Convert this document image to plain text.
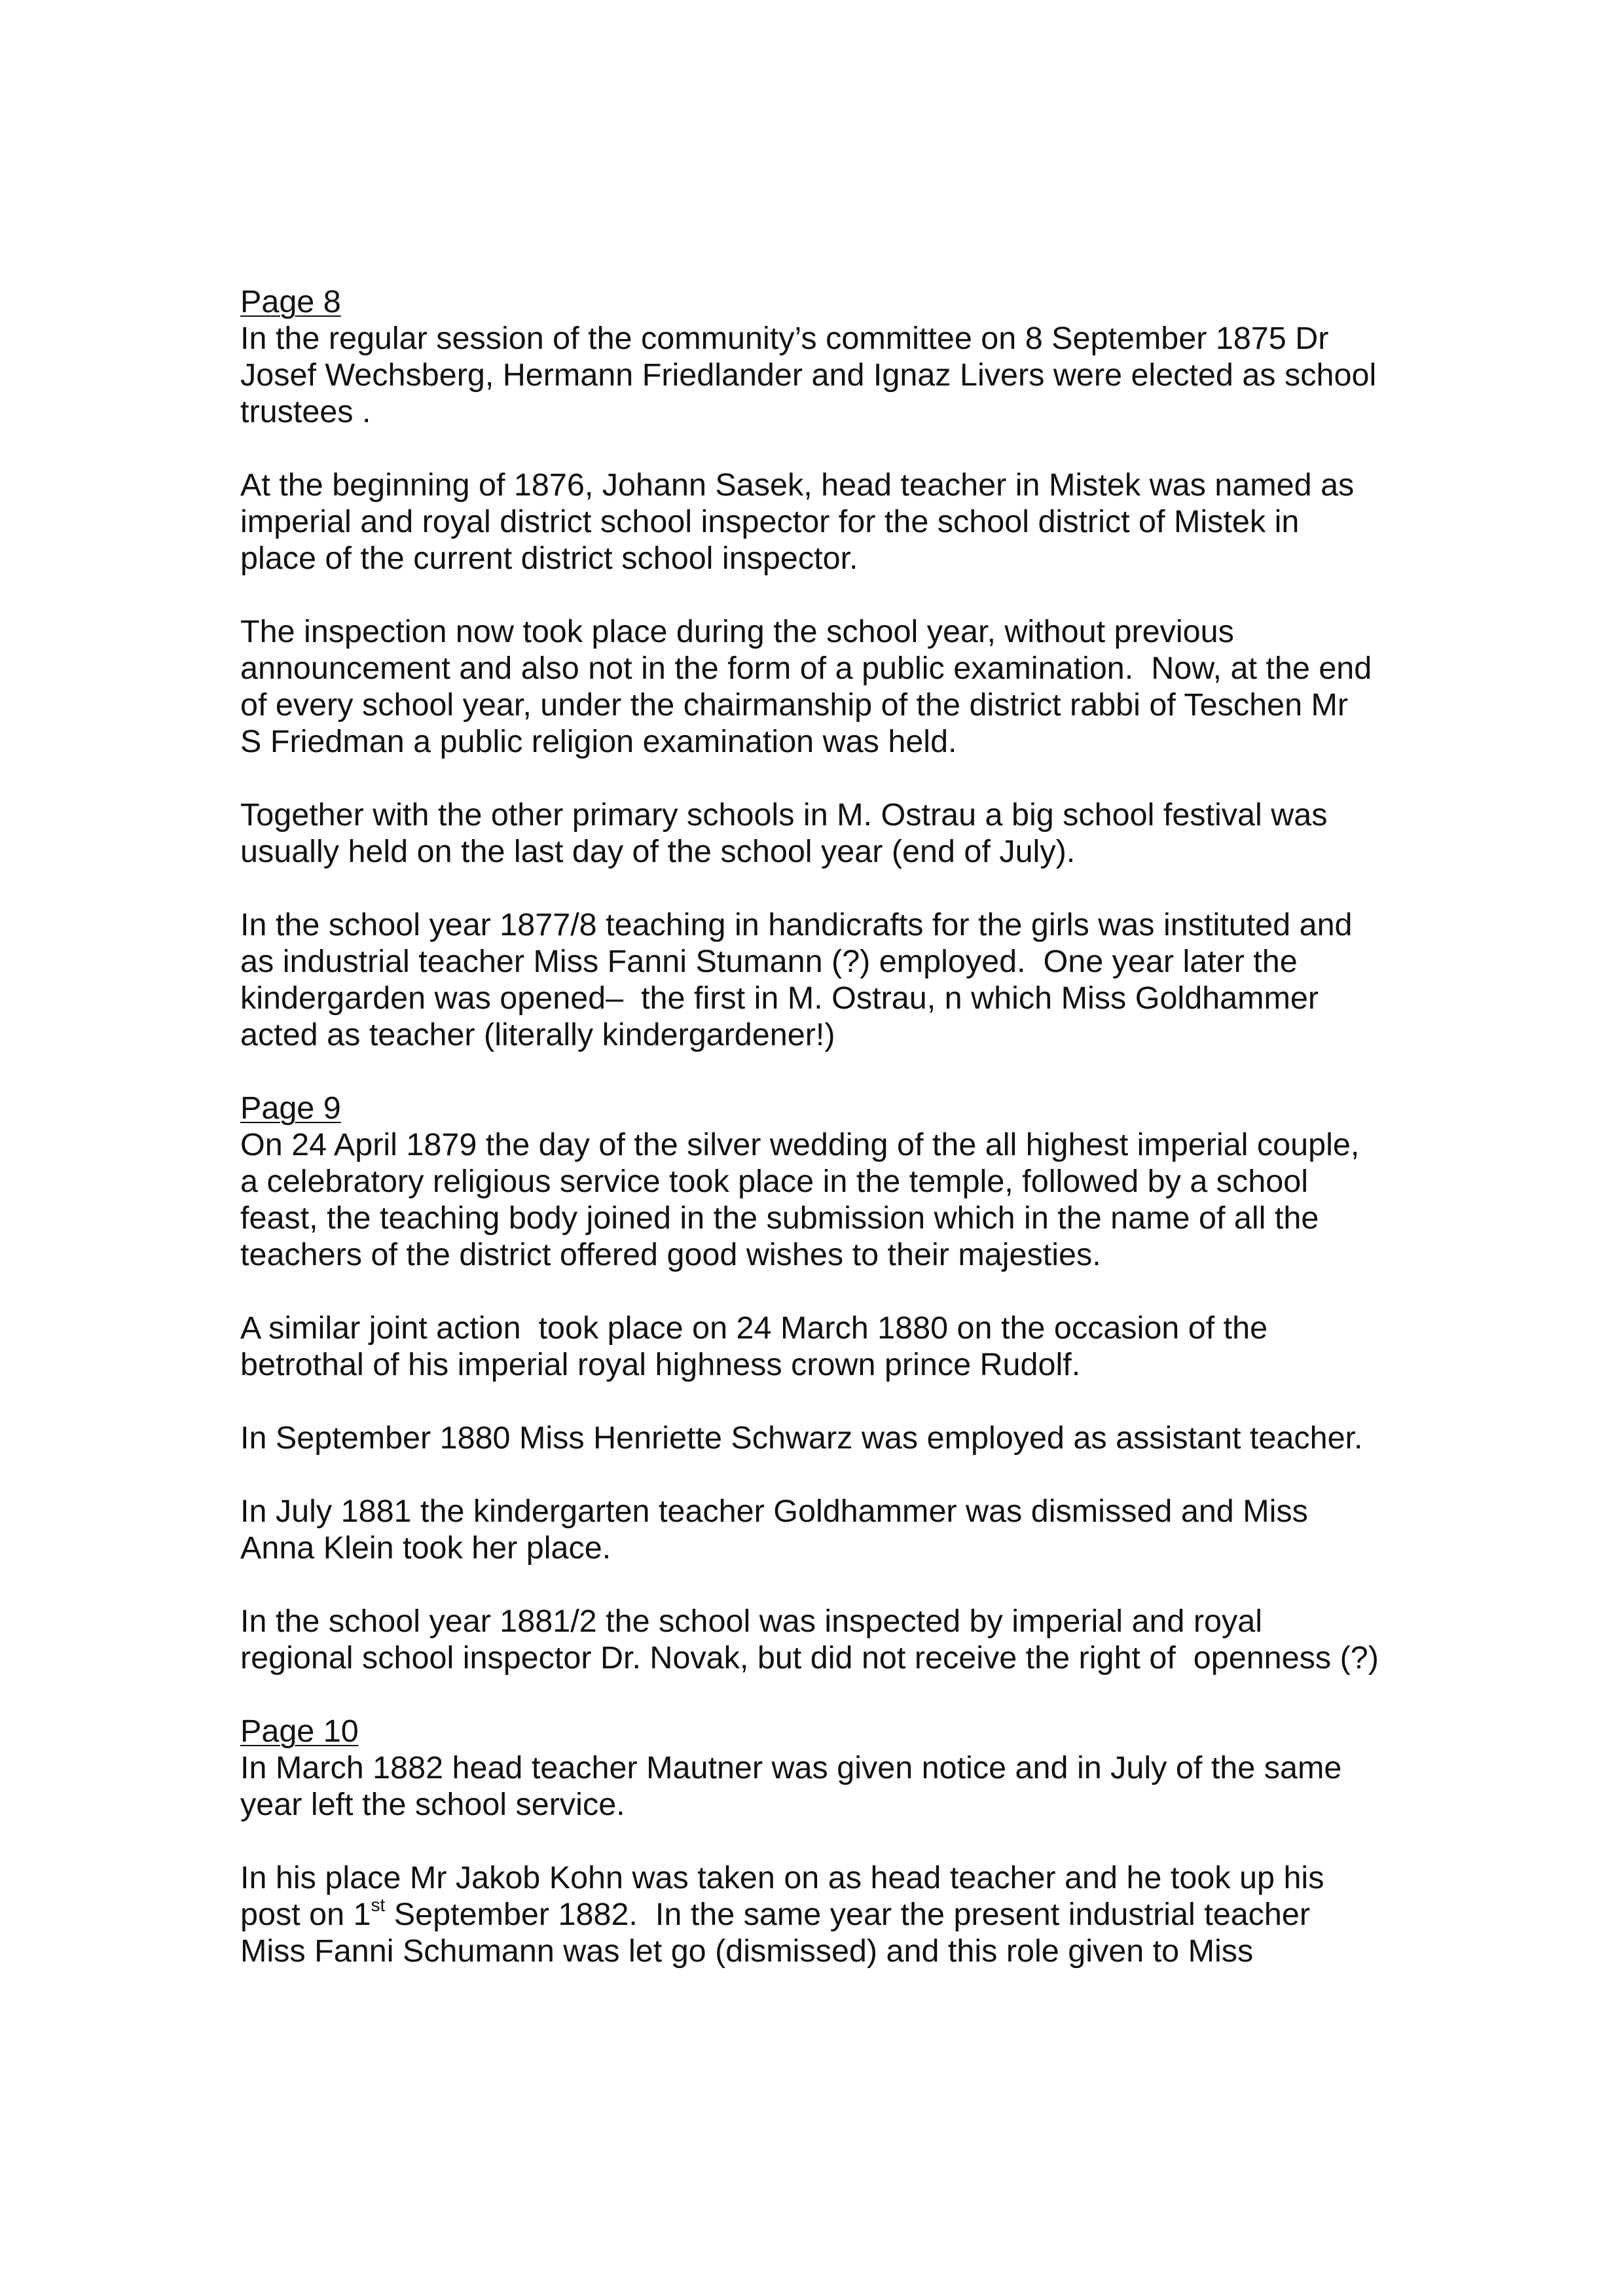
Page 8

In the regular session of the community’s committee on 8 September 1875 Dr
Josef Wechsberg, Hermann Friedlander and Ignaz Livers were elected as school
trustees .

At the beginning of 1876, Johann Sasek, head teacher in Mistek was named as
imperial and royal district school inspector for the school district of Mistek in
place of the current district school inspector.

The inspection now took place during the school year, without previous
announcement and also not in the form of a public examination.  Now, at the end
of every school year, under the chairmanship of the district rabbi of Teschen Mr
S Friedman a public religion examination was held.

Together with the other primary schools in M. Ostrau a big school festival was
usually held on the last day of the school year (end of July).

In the school year 1877/8 teaching in handicrafts for the girls was instituted and
as industrial teacher Miss Fanni Stumann (?) employed.  One year later the
kindergarden was opened–  the first in M. Ostrau, n which Miss Goldhammer
acted as teacher (literally kindergardener!)

Page 9

On 24 April 1879 the day of the silver wedding of the all highest imperial couple,
a celebratory religious service took place in the temple, followed by a school
feast, the teaching body joined in the submission which in the name of all the
teachers of the district offered good wishes to their majesties.

A similar joint action  took place on 24 March 1880 on the occasion of the
betrothal of his imperial royal highness crown prince Rudolf.

In September 1880 Miss Henriette Schwarz was employed as assistant teacher.

In July 1881 the kindergarten teacher Goldhammer was dismissed and Miss
Anna Klein took her place.

In the school year 1881/2 the school was inspected by imperial and royal
regional school inspector Dr. Novak, but did not receive the right of  openness (?)

Page 10

In March 1882 head teacher Mautner was given notice and in July of the same
year left the school service.

In his place Mr Jakob Kohn was taken on as head teacher and he took up his
post on 1st September 1882.  In the same year the present industrial teacher
Miss Fanni Schumann was let go (dismissed) and this role given to Miss
